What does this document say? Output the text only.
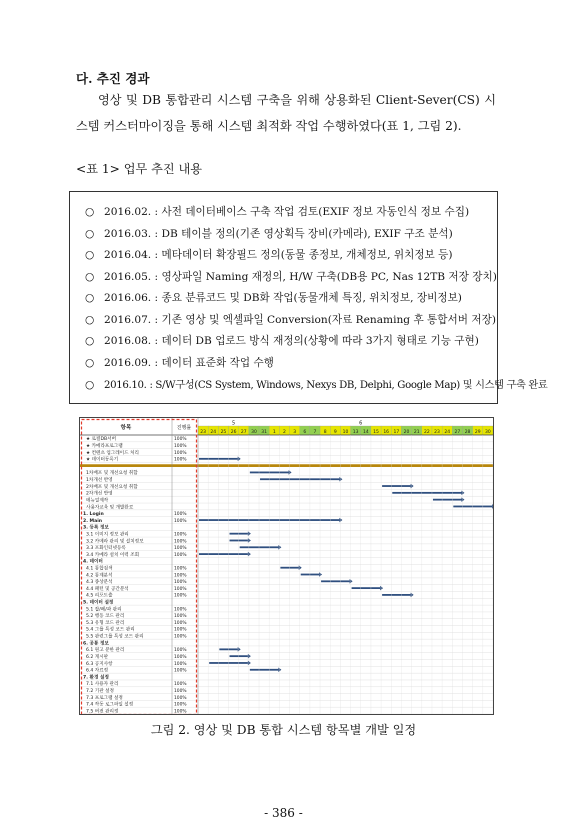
다. 추진 경과
영상 및 DB 통합관리 시스템 구축을 위해 상용화된 Client-Sever(CS) 시스템 커스터마이징을 통해 시스템 최적화 작업 수행하였다(표 1, 그림 2).
<표 1> 업무 추진 내용
○ 2016.02. : 사전 데이터베이스 구축 작업 검토(EXIF 정보 자동인식 정보 수집)
○ 2016.03. : DB 테이블 정의(기존 영상획득 장비(카메라), EXIF 구조 분석)
○ 2016.04. : 메타데이터 확장필드 정의(동물 종정보, 개체정보, 위치정보 등)
○ 2016.05. : 영상파일 Naming 재정의, H/W 구축(DB용 PC, Nas 12TB 저장 장치)
○ 2016.06. : 종요 분류코드 및 DB화 작업(동물개체 특징, 위치정보, 장비정보)
○ 2016.07. : 기존 영상 및 엑셀파일 Conversion(자료 Renaming 후 통합서버 저장)
○ 2016.08. : 데이터 DB 업로드 방식 재정의(상황에 따라 3가지 형태로 기능 구현)
○ 2016.09. : 데이터 표준화 작업 수행
○ 2016.10. : S/W구성(CS System, Windows, Nexys DB, Delphi, Google Map) 및 시스템 구축 완료
항목	진행률
23 24 25 26 27 30 31 1 2 3 6 7 8 9 10 13 14 15 16 17 20 21 22 23 24 27 28 29 30
5	6
★ 로컬DB서버	100%
★ 카메라프로그램	100%
★ 컨텐츠 업그레이드 처리	100%
★ 데이터등록기	100%
1차배포 및 개선요청 취합
1차개선 반영
2차배포 및 개선요청 취합
2차개선 반영
메뉴얼제작
사용자교육 및 개발완료
1. Login	100%
2. Main	100%
3. 등록 정보
3.1 이미지 정보 관리	100%
3.2 카메라 관리 및 설치정보	100%
3.3 포화인터넷등록	100%
3.4 카메라 설치 이력 조회	100%
4. 데이터
4.1 통합검색	100%
4.2 통계분석	100%
4.3 종상분석	100%
4.4 패턴 및 공간분석	100%
4.5 리포트출	100%
5. 데이터 설정
5.1 잡/폐/과 관리	100%
5.2 행동 코드 관리	100%
5.3 유형 코드 관리	100%
5.4 그룹 특성 코드 관리	100%
5.5 관련그룹 특성 코드 관리	100%
6. 공통 정보
6.1 원고 분한 관리	100%
6.2 게시판	100%
6.3 공지사항	100%
6.4 자료정	100%
7. 환경 설정
7.1 사용자 관리	100%
7.2 기관 설정	100%
7.3 프로그램 설정	100%
7.4 작동 로그파일 설정	100%
7.5 버전 관리정	100%
그림 2. 영상 및 DB 통합 시스템 항목별 개발 일정
- 386 -
